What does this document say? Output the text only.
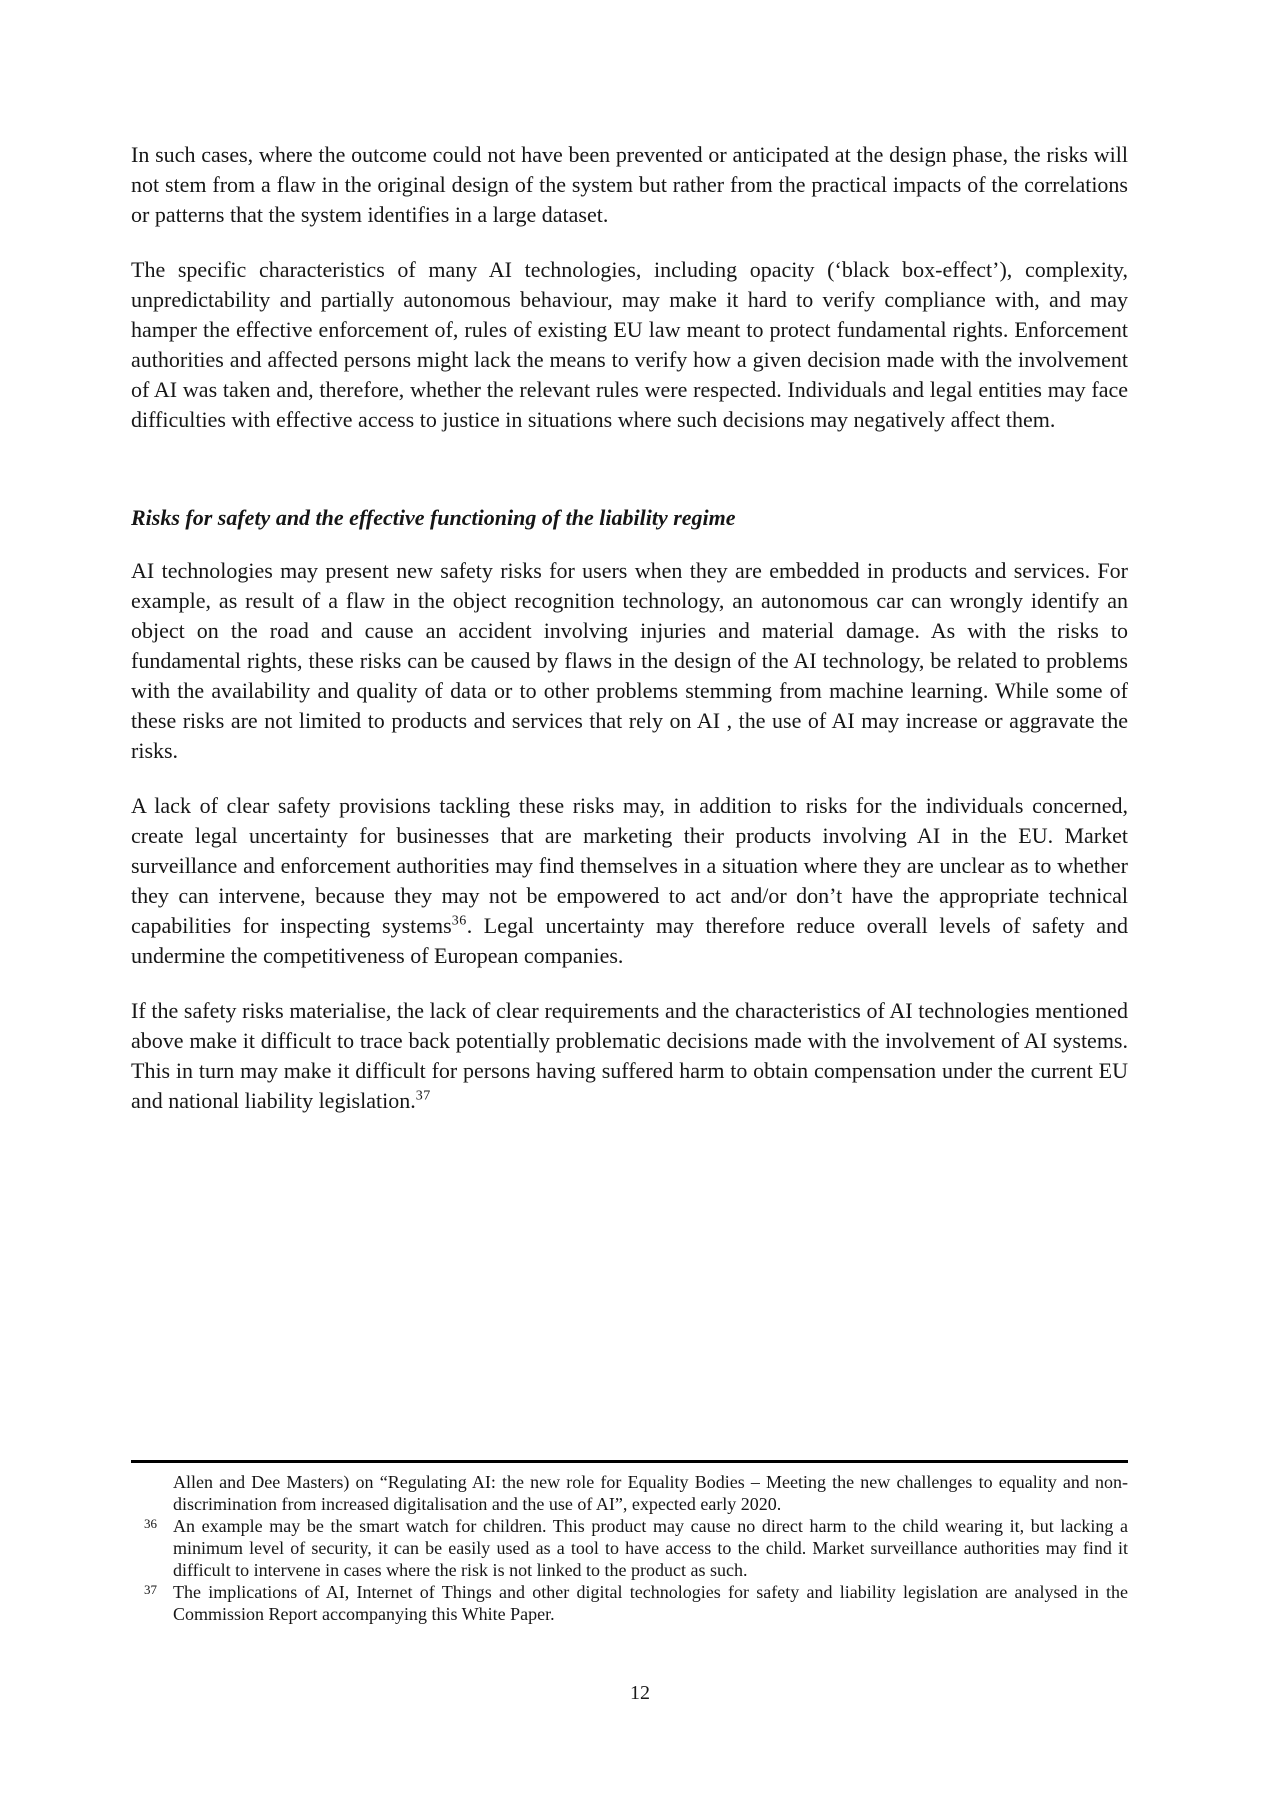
In such cases, where the outcome could not have been prevented or anticipated at the design phase, the risks will not stem from a flaw in the original design of the system but rather from the practical impacts of the correlations or patterns that the system identifies in a large dataset.

The specific characteristics of many AI technologies, including opacity (‘black box-effect’), complexity, unpredictability and partially autonomous behaviour, may make it hard to verify compliance with, and may hamper the effective enforcement of, rules of existing EU law meant to protect fundamental rights. Enforcement authorities and affected persons might lack the means to verify how a given decision made with the involvement of AI was taken and, therefore, whether the relevant rules were respected. Individuals and legal entities may face difficulties with effective access to justice in situations where such decisions may negatively affect them.

Risks for safety and the effective functioning of the liability regime

AI technologies may present new safety risks for users when they are embedded in products and services. For example, as result of a flaw in the object recognition technology, an autonomous car can wrongly identify an object on the road and cause an accident involving injuries and material damage. As with the risks to fundamental rights, these risks can be caused by flaws in the design of the AI technology, be related to problems with the availability and quality of data or to other problems stemming from machine learning. While some of these risks are not limited to products and services that rely on AI , the use of AI may increase or aggravate the risks.

A lack of clear safety provisions tackling these risks may, in addition to risks for the individuals concerned, create legal uncertainty for businesses that are marketing their products involving AI in the EU. Market surveillance and enforcement authorities may find themselves in a situation where they are unclear as to whether they can intervene, because they may not be empowered to act and/or don’t have the appropriate technical capabilities for inspecting systems$^{36}$. Legal uncertainty may therefore reduce overall levels of safety and undermine the competitiveness of European companies.

If the safety risks materialise, the lack of clear requirements and the characteristics of AI technologies mentioned above make it difficult to trace back potentially problematic decisions made with the involvement of AI systems. This in turn may make it difficult for persons having suffered harm to obtain compensation under the current EU and national liability legislation.$^{37}$

Allen and Dee Masters) on “Regulating AI: the new role for Equality Bodies – Meeting the new challenges to equality and non-discrimination from increased digitalisation and the use of AI”, expected early 2020.
36 An example may be the smart watch for children. This product may cause no direct harm to the child wearing it, but lacking a minimum level of security, it can be easily used as a tool to have access to the child. Market surveillance authorities may find it difficult to intervene in cases where the risk is not linked to the product as such.
37 The implications of AI, Internet of Things and other digital technologies for safety and liability legislation are analysed in the Commission Report accompanying this White Paper.
12
